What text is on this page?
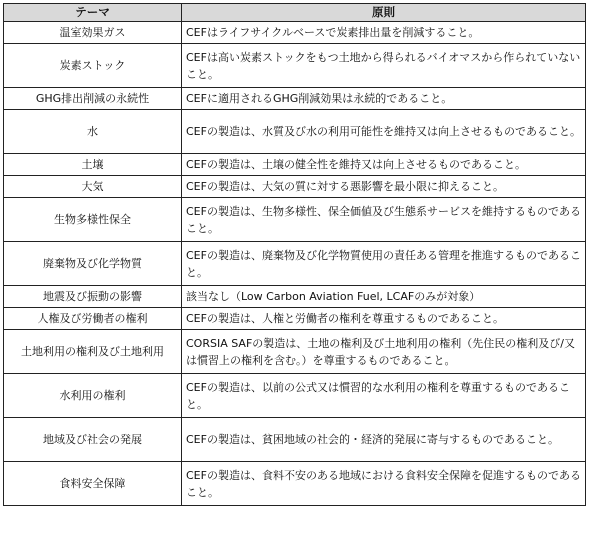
テーマ	原則
温室効果ガス	CEFはライフサイクルベースで炭素排出量を削減すること。
炭素ストック	CEFは高い炭素ストックをもつ土地から得られるバイオマスから作られていないこと。
GHG排出削減の永続性	CEFに適用されるGHG削減効果は永続的であること。
水	CEFの製造は、水質及び水の利用可能性を維持又は向上させるものであること。
土壌	CEFの製造は、土壌の健全性を維持又は向上させるものであること。
大気	CEFの製造は、大気の質に対する悪影響を最小限に抑えること。
生物多様性保全	CEFの製造は、生物多様性、保全価値及び生態系サービスを維持するものであること。
廃棄物及び化学物質	CEFの製造は、廃棄物及び化学物質使用の責任ある管理を推進するものであること。
地震及び振動の影響	該当なし（Low Carbon Aviation Fuel, LCAFのみが対象）
人権及び労働者の権利	CEFの製造は、人権と労働者の権利を尊重するものであること。
土地利用の権利及び土地利用	CORSIA SAFの製造は、土地の権利及び土地利用の権利（先住民の権利及び/又は慣習上の権利を含む。）を尊重するものであること。
水利用の権利	CEFの製造は、以前の公式又は慣習的な水利用の権利を尊重するものであること。
地域及び社会の発展	CEFの製造は、貧困地域の社会的・経済的発展に寄与するものであること。
食料安全保障	CEFの製造は、食料不安のある地域における食料安全保障を促進するものであること。
